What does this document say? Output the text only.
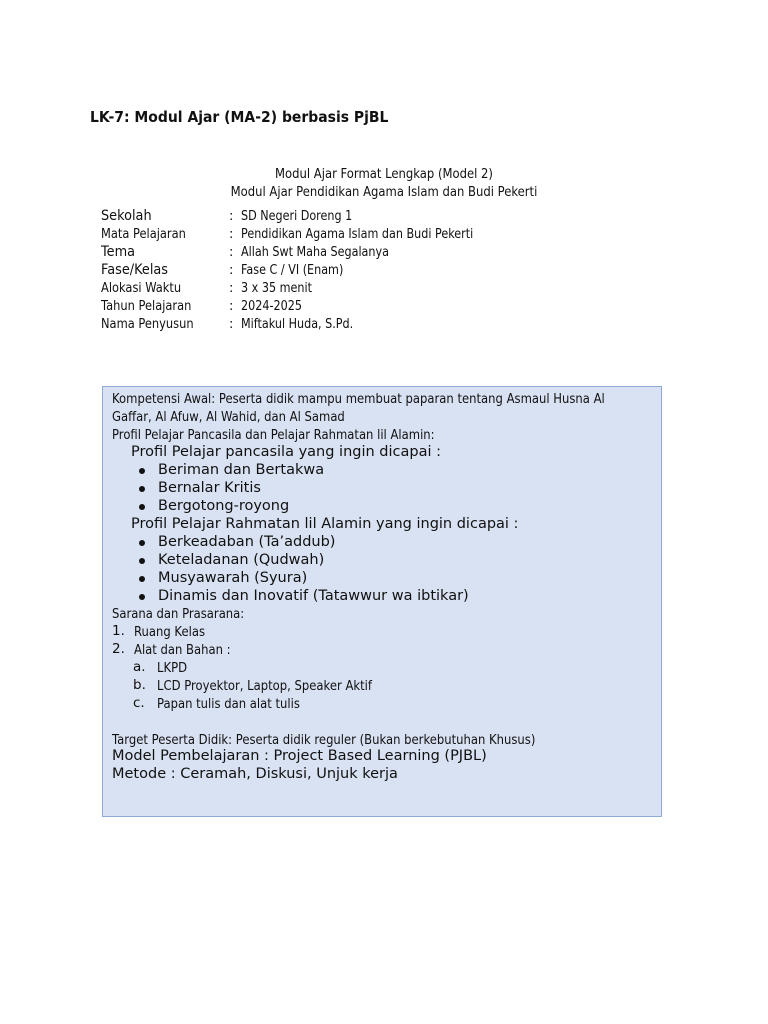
LK-7: Modul Ajar (MA-2) berbasis PjBL
Modul Ajar Format Lengkap (Model 2)
Modul Ajar Pendidikan Agama Islam dan Budi Pekerti
Sekolah	:	SD Negeri Doreng 1

Mata Pelajaran	:	Pendidikan Agama Islam dan Budi Pekerti

Tema	:	Allah Swt Maha Segalanya

Fase/Kelas	:	Fase C / VI (Enam)

Alokasi Waktu	:	3 x 35 menit

Tahun Pelajaran	:	2024-2025

Nama Penyusun	:	Miftakul Huda, S.Pd.
Kompetensi Awal: Peserta didik mampu membuat paparan tentang Asmaul Husna Al
Gaffar, Al Afuw, Al Wahid, dan Al Samad
Profil Pelajar Pancasila dan Pelajar Rahmatan lil Alamin:
Profil Pelajar pancasila yang ingin dicapai :
Beriman dan Bertakwa
Bernalar Kritis
Bergotong-royong
Profil Pelajar Rahmatan lil Alamin yang ingin dicapai :
Berkeadaban (Ta’addub)
Keteladanan (Qudwah)
Musyawarah (Syura)
Dinamis dan Inovatif (Tatawwur wa ibtikar)
Sarana dan Prasarana:
1. Ruang Kelas
2. Alat dan Bahan :
a. LKPD
b. LCD Proyektor, Laptop, Speaker Aktif
c. Papan tulis dan alat tulis
Target Peserta Didik: Peserta didik reguler (Bukan berkebutuhan Khusus)
Model Pembelajaran : Project Based Learning (PJBL)
Metode : Ceramah, Diskusi, Unjuk kerja
